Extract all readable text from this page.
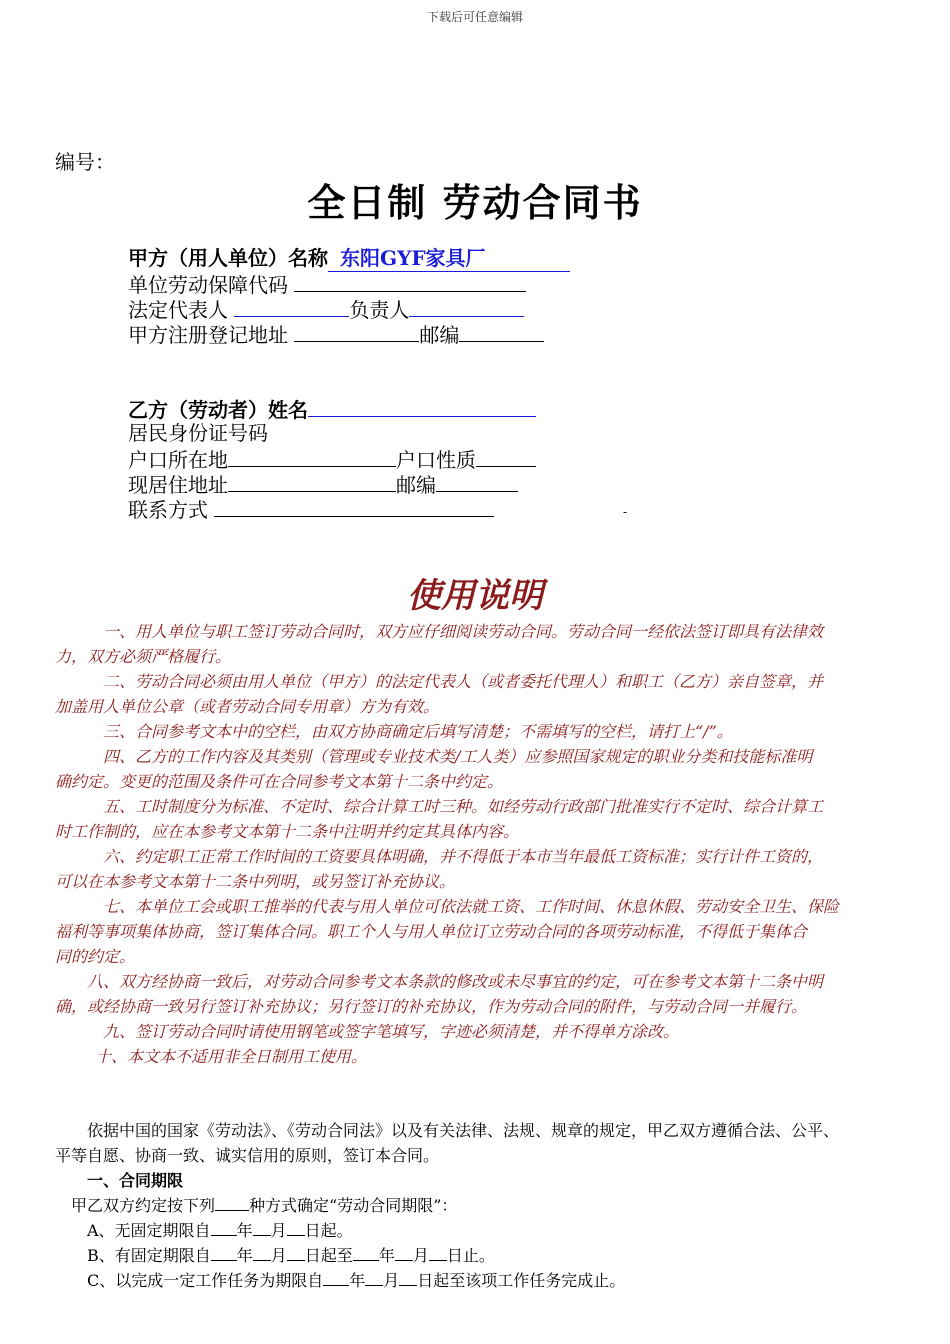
下载后可任意编辑
编号：
全日制 劳动合同书
甲方（用人单位）名称 东阳GYF家具厂
单位劳动保障代码
法定代表人	负责人
甲方注册登记地址	邮编
乙方（劳动者）姓名
居民身份证号码
户口所在地	户口性质
现居住地址	邮编
联系方式	-
使用说明

一、用人单位与职工签订劳动合同时，双方应仔细阅读劳动合同。劳动合同一经依法签订即具有法律效

力，双方必须严格履行。

二、劳动合同必须由用人单位（甲方）的法定代表人（或者委托代理人）和职工（乙方）亲自签章，并

加盖用人单位公章（或者劳动合同专用章）方为有效。

三、合同参考文本中的空栏，由双方协商确定后填写清楚；不需填写的空栏，请打上“/”。

四、乙方的工作内容及其类别（管理或专业技术类/工人类）应参照国家规定的职业分类和技能标准明

确约定。变更的范围及条件可在合同参考文本第十二条中约定。

五、工时制度分为标准、不定时、综合计算工时三种。如经劳动行政部门批准实行不定时、综合计算工

时工作制的，应在本参考文本第十二条中注明并约定其具体内容。

六、约定职工正常工作时间的工资要具体明确，并不得低于本市当年最低工资标准；实行计件工资的，

可以在本参考文本第十二条中列明，或另签订补充协议。

七、本单位工会或职工推举的代表与用人单位可依法就工资、工作时间、休息休假、劳动安全卫生、保险

福利等事项集体协商，签订集体合同。职工个人与用人单位订立劳动合同的各项劳动标准，不得低于集体合

同的约定。

八、双方经协商一致后，对劳动合同参考文本条款的修改或未尽事宜的约定，可在参考文本第十二条中明

确，或经协商一致另行签订补充协议；另行签订的补充协议，作为劳动合同的附件，与劳动合同一并履行。

九、签订劳动合同时请使用钢笔或签字笔填写，字迹必须清楚，并不得单方涂改。

十、本文本不适用非全日制用工使用。

依据中国的国家《劳动法》、《劳动合同法》以及有关法律、法规、规章的规定，甲乙双方遵循合法、公平、

平等自愿、协商一致、诚实信用的原则，签订本合同。

一、合同期限

甲乙双方约定按下列 种方式确定“劳动合同期限”：

A、无固定期限自 年 月 日起。

B、有固定期限自 年 月 日起至 年 月 日止。

C、以完成一定工作任务为期限自 年 月 日起至该项工作任务完成止。
